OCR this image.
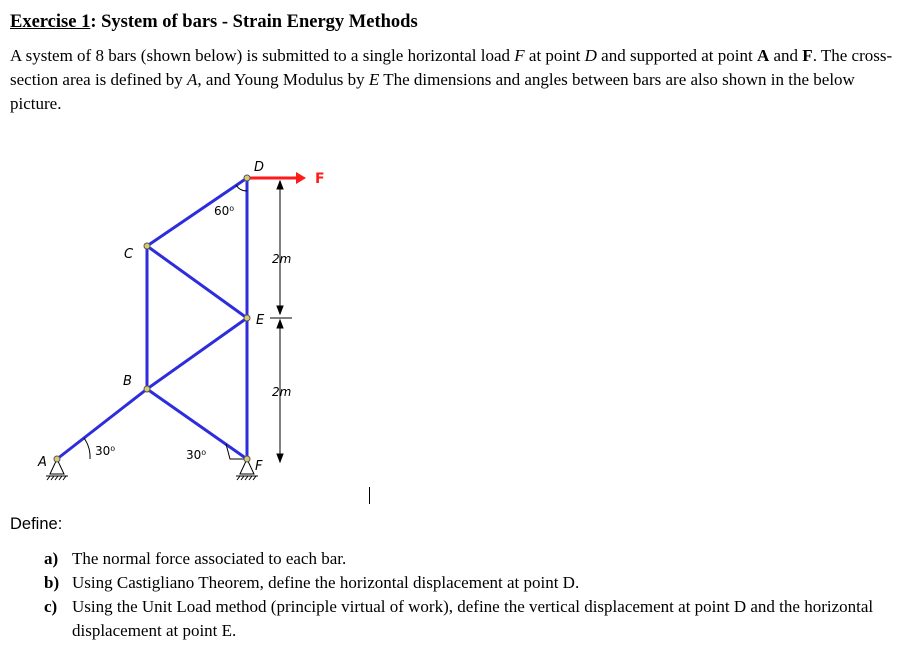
Exercise 1: System of bars - Strain Energy Methods
A system of 8 bars (shown below) is submitted to a single horizontal load F at point D and supported at point A and F. The cross-section area is defined by A, and Young Modulus by E The dimensions and angles between bars are also shown in the below picture.
A
B
C
D
E
F
F
60⁰
30⁰	30⁰
2m
2m
Define:
a) The normal force associated to each bar.
b) Using Castigliano Theorem, define the horizontal displacement at point D.
c) Using the Unit Load method (principle virtual of work), define the vertical displacement at point D and the horizontal displacement at point E.
